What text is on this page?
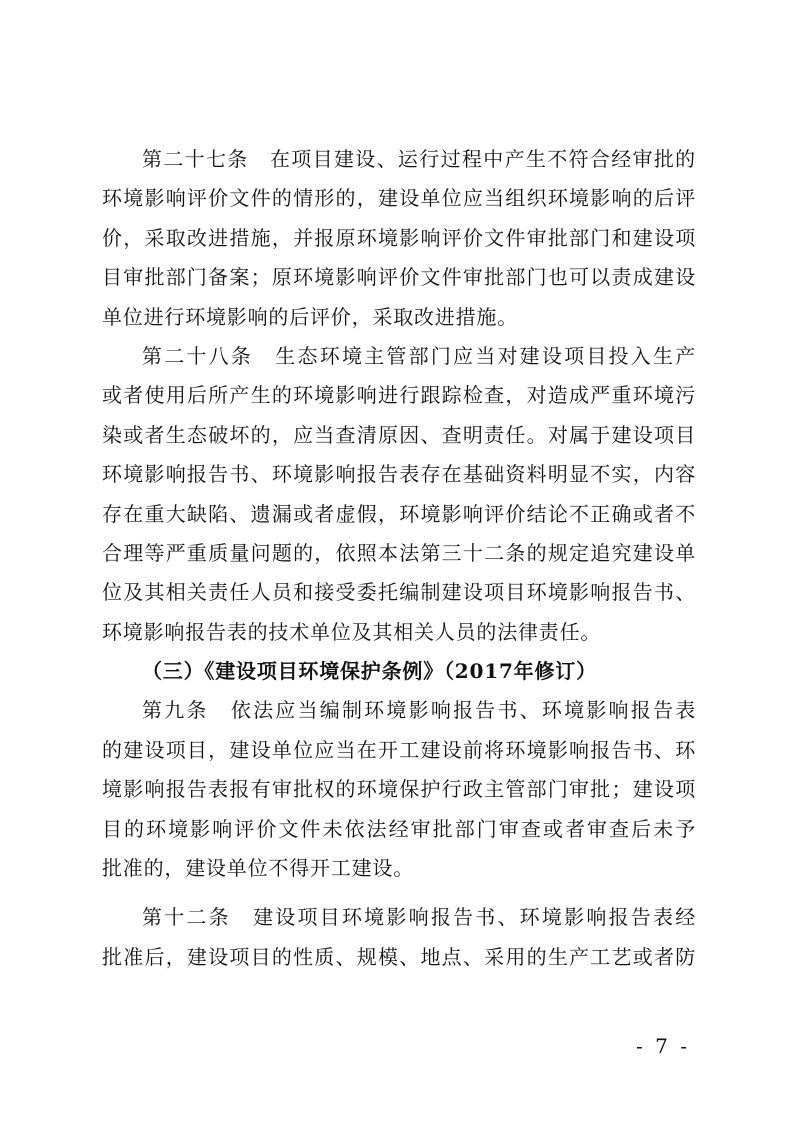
第二十七条　在项目建设、运行过程中产生不符合经审批的
环境影响评价文件的情形的，建设单位应当组织环境影响的后评
价，采取改进措施，并报原环境影响评价文件审批部门和建设项
目审批部门备案；原环境影响评价文件审批部门也可以责成建设
单位进行环境影响的后评价，采取改进措施。
第二十八条　生态环境主管部门应当对建设项目投入生产
或者使用后所产生的环境影响进行跟踪检查，对造成严重环境污
染或者生态破坏的，应当查清原因、查明责任。对属于建设项目
环境影响报告书、环境影响报告表存在基础资料明显不实，内容
存在重大缺陷、遗漏或者虚假，环境影响评价结论不正确或者不
合理等严重质量问题的，依照本法第三十二条的规定追究建设单
位及其相关责任人员和接受委托编制建设项目环境影响报告书、
环境影响报告表的技术单位及其相关人员的法律责任。
（三）《建设项目环境保护条例》（2017年修订）
第九条　依法应当编制环境影响报告书、环境影响报告表
的建设项目，建设单位应当在开工建设前将环境影响报告书、环
境影响报告表报有审批权的环境保护行政主管部门审批；建设项
目的环境影响评价文件未依法经审批部门审查或者审查后未予
批准的，建设单位不得开工建设。
第十二条　建设项目环境影响报告书、环境影响报告表经
批准后，建设项目的性质、规模、地点、采用的生产工艺或者防
- 7 -
